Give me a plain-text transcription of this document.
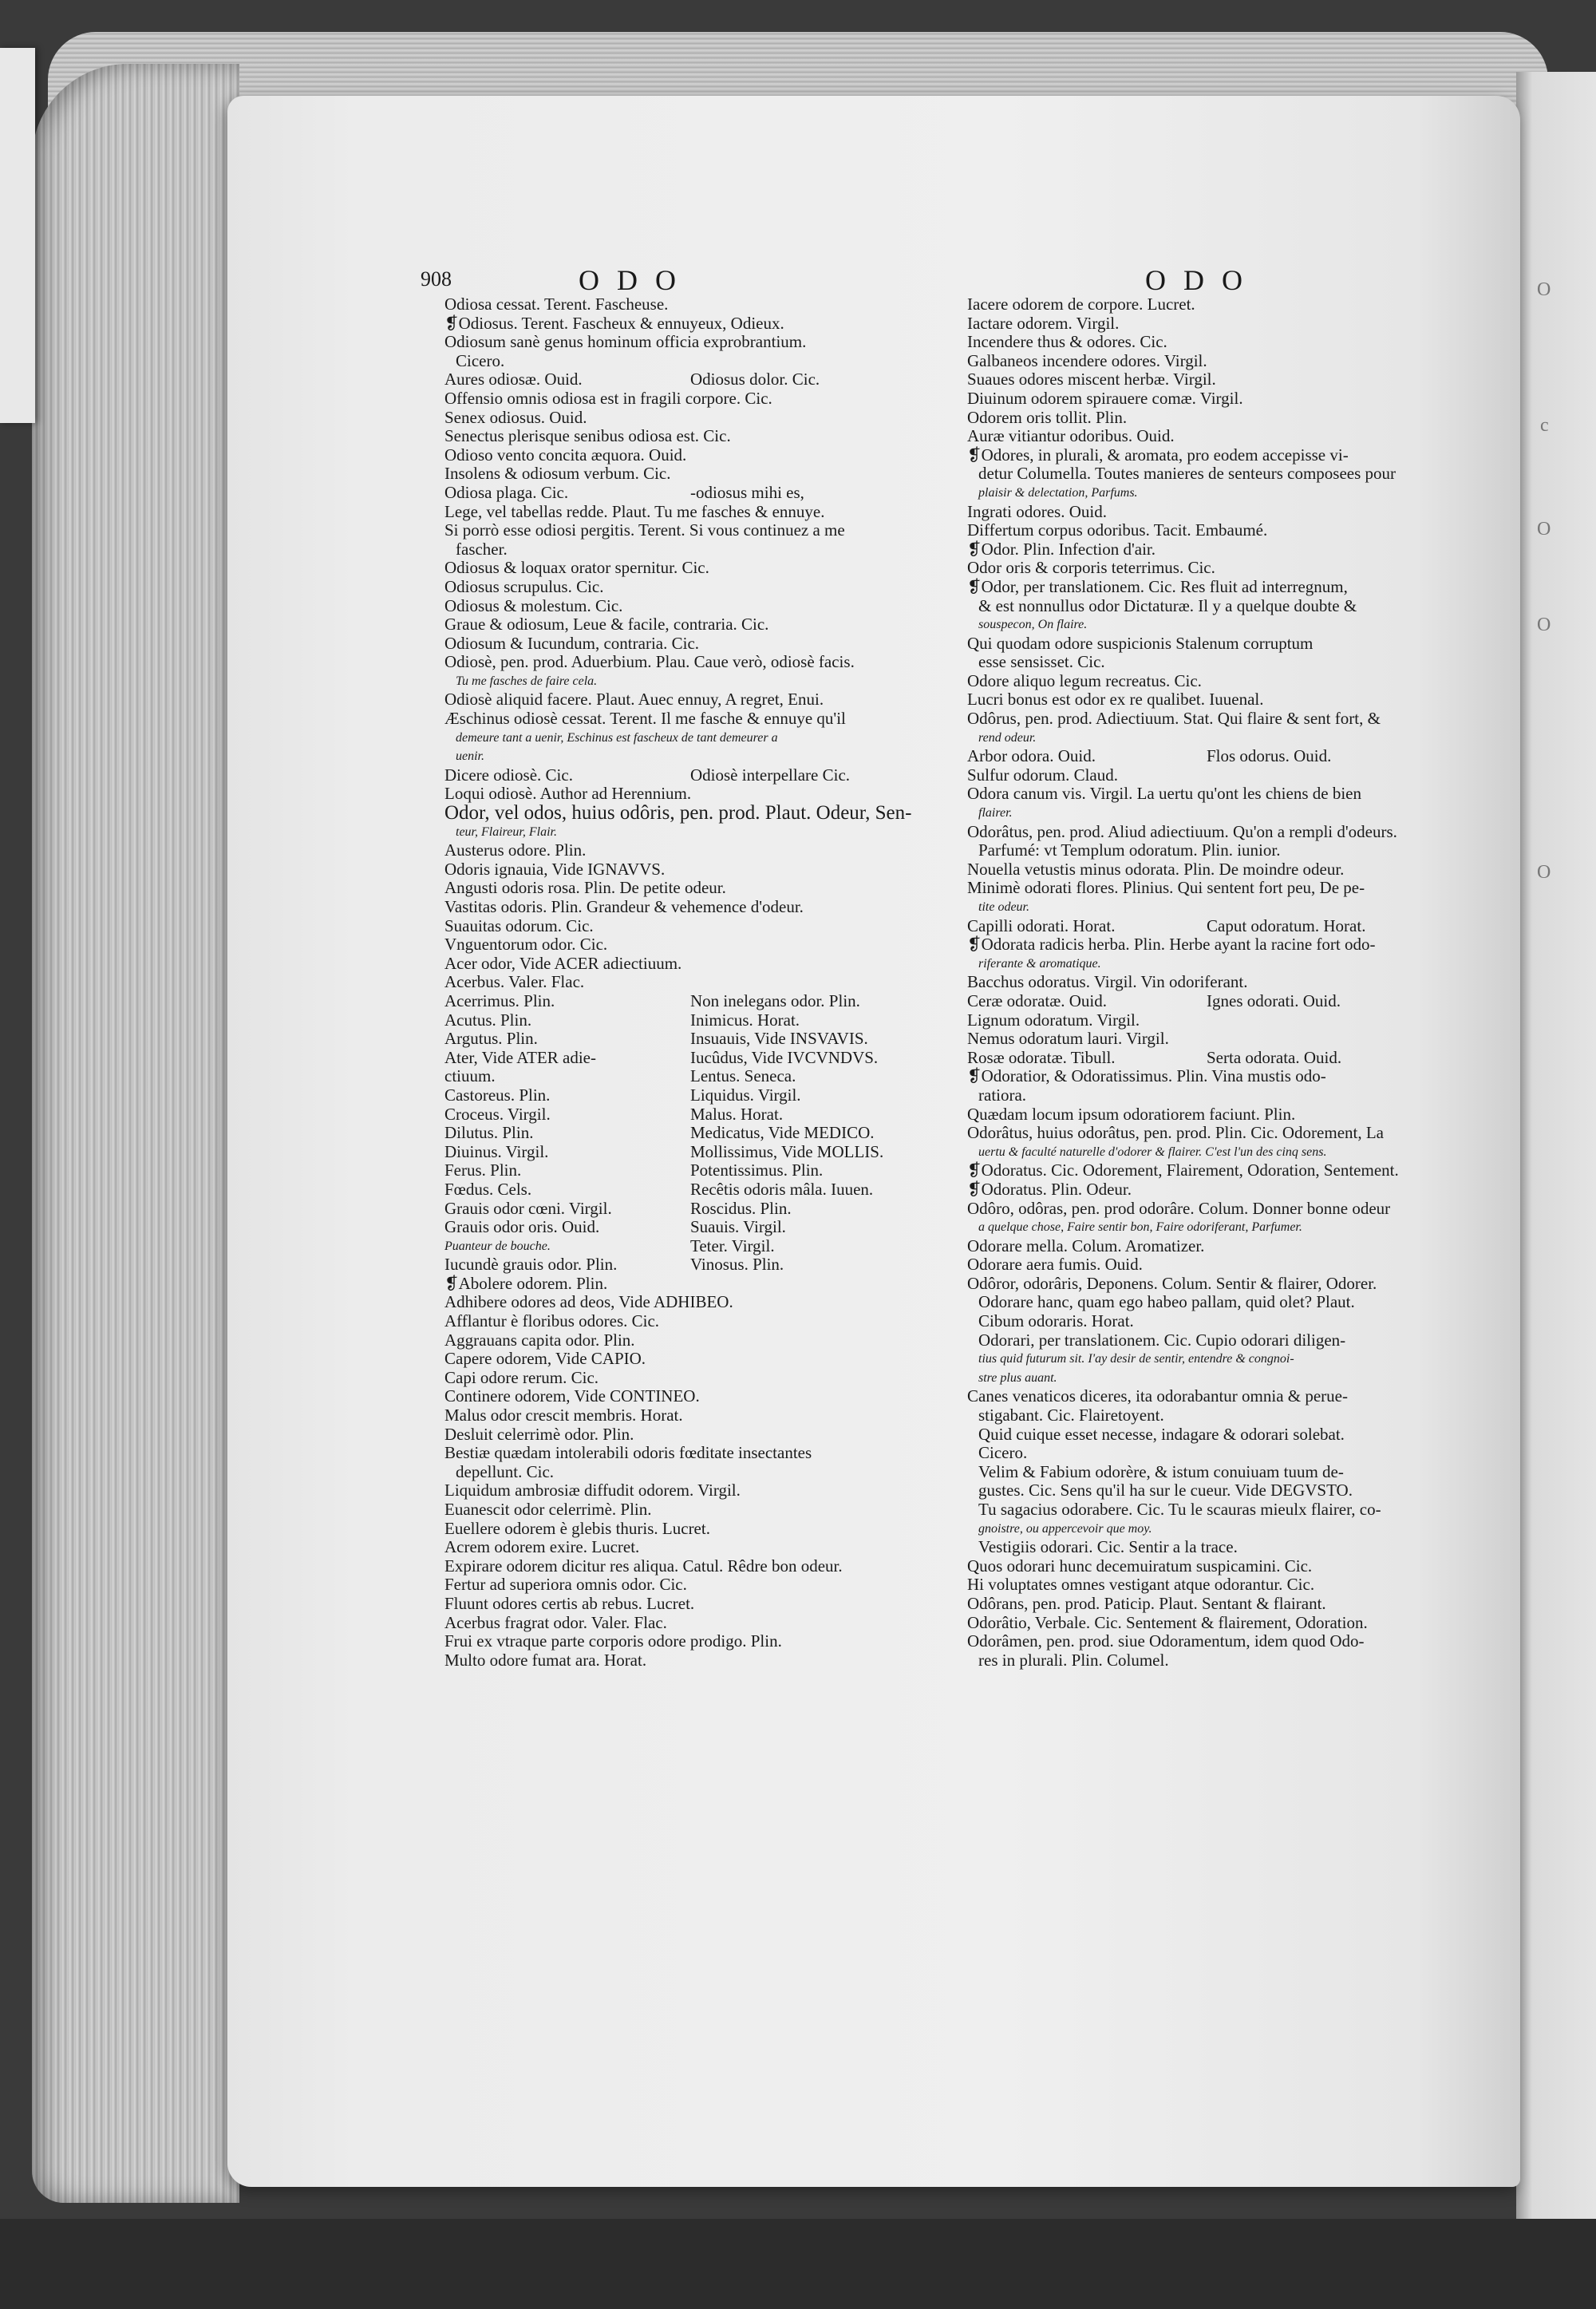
O
c
O
O
O
908	ODO	ODO
Odiosa cessat. Terent. Fascheuse.
❡Odiosus. Terent. Fascheux & ennuyeux, Odieux.
Odiosum sanè genus hominum officia exprobrantium.
Cicero.
Aures odiosæ. Ouid.	Odiosus dolor. Cic.
Offensio omnis odiosa est in fragili corpore. Cic.
Senex odiosus. Ouid.
Senectus plerisque senibus odiosa est. Cic.
Odioso vento concita æquora. Ouid.
Insolens & odiosum verbum. Cic.
Odiosa plaga. Cic.	-odiosus mihi es,
Lege, vel tabellas redde. Plaut. Tu me fasches & ennuye.
Si porrò esse odiosi pergitis. Terent. Si vous continuez a me
fascher.
Odiosus & loquax orator spernitur. Cic.
Odiosus scrupulus. Cic.
Odiosus & molestum. Cic.
Graue & odiosum, Leue & facile, contraria. Cic.
Odiosum & Iucundum, contraria. Cic.
Odiosè, pen. prod. Aduerbium. Plau. Caue verò, odiosè facis.
Tu me fasches de faire cela.
Odiosè aliquid facere. Plaut. Auec ennuy, A regret, Enui.
Æschinus odiosè cessat. Terent. Il me fasche & ennuye qu'il
demeure tant a uenir, Eschinus est fascheux de tant demeurer a
uenir.
Dicere odiosè. Cic.	Odiosè interpellare Cic.
Loqui odiosè. Author ad Herennium.
Odor, vel odos, huius odôris, pen. prod. Plaut. Odeur, Sen-
teur, Flaireur, Flair.
Austerus odore. Plin.
Odoris ignauia, Vide IGNAVVS.
Angusti odoris rosa. Plin. De petite odeur.
Vastitas odoris. Plin. Grandeur & vehemence d'odeur.
Suauitas odorum. Cic.
Vnguentorum odor. Cic.
Acer odor, Vide ACER adiectiuum.
Acerbus. Valer. Flac.
Acerrimus. Plin.	Non inelegans odor. Plin.
Acutus. Plin.	Inimicus. Horat.
Argutus. Plin.	Insuauis, Vide INSVAVIS.
Ater, Vide ATER adie-	Iucûdus, Vide IVCVNDVS.
ctiuum.	Lentus. Seneca.
Castoreus. Plin.	Liquidus. Virgil.
Croceus. Virgil.	Malus. Horat.
Dilutus. Plin.	Medicatus, Vide MEDICO.
Diuinus. Virgil.	Mollissimus, Vide MOLLIS.
Ferus. Plin.	Potentissimus. Plin.
Fœdus. Cels.	Recêtis odoris mâla. Iuuen.
Grauis odor cœni. Virgil.	Roscidus. Plin.
Grauis odor oris. Ouid.	Suauis. Virgil.
Puanteur de bouche.	Teter. Virgil.
Iucundè grauis odor. Plin.	Vinosus. Plin.
❡Abolere odorem. Plin.
Adhibere odores ad deos, Vide ADHIBEO.
Afflantur è floribus odores. Cic.
Aggrauans capita odor. Plin.
Capere odorem, Vide CAPIO.
Capi odore rerum. Cic.
Continere odorem, Vide CONTINEO.
Malus odor crescit membris. Horat.
Desluit celerrimè odor. Plin.
Bestiæ quædam intolerabili odoris fœditate insectantes
depellunt. Cic.
Liquidum ambrosiæ diffudit odorem. Virgil.
Euanescit odor celerrimè. Plin.
Euellere odorem è glebis thuris. Lucret.
Acrem odorem exire. Lucret.
Expirare odorem dicitur res aliqua. Catul. Rêdre bon odeur.
Fertur ad superiora omnis odor. Cic.
Fluunt odores certis ab rebus. Lucret.
Acerbus fragrat odor. Valer. Flac.
Frui ex vtraque parte corporis odore prodigo. Plin.
Multo odore fumat ara. Horat.
Iacere odorem de corpore. Lucret.
Iactare odorem. Virgil.
Incendere thus & odores. Cic.
Galbaneos incendere odores. Virgil.
Suaues odores miscent herbæ. Virgil.
Diuinum odorem spirauere comæ. Virgil.
Odorem oris tollit. Plin.
Auræ vitiantur odoribus. Ouid.
❡Odores, in plurali, & aromata, pro eodem accepisse vi-
detur Columella. Toutes manieres de senteurs composees pour
plaisir & delectation, Parfums.
Ingrati odores. Ouid.
Differtum corpus odoribus. Tacit. Embaumé.
❡Odor. Plin. Infection d'air.
Odor oris & corporis teterrimus. Cic.
❡Odor, per translationem. Cic. Res fluit ad interregnum,
& est nonnullus odor Dictaturæ. Il y a quelque doubte &
souspecon, On flaire.
Qui quodam odore suspicionis Stalenum corruptum
esse sensisset. Cic.
Odore aliquo legum recreatus. Cic.
Lucri bonus est odor ex re qualibet. Iuuenal.
Odôrus, pen. prod. Adiectiuum. Stat. Qui flaire & sent fort, &
rend odeur.
Arbor odora. Ouid.	Flos odorus. Ouid.
Sulfur odorum. Claud.
Odora canum vis. Virgil. La uertu qu'ont les chiens de bien
flairer.
Odorâtus, pen. prod. Aliud adiectiuum. Qu'on a rempli d'odeurs.
Parfumé: vt Templum odoratum. Plin. iunior.
Nouella vetustis minus odorata. Plin. De moindre odeur.
Minimè odorati flores. Plinius. Qui sentent fort peu, De pe-
tite odeur.
Capilli odorati. Horat.	Caput odoratum. Horat.
❡Odorata radicis herba. Plin. Herbe ayant la racine fort odo-
riferante & aromatique.
Bacchus odoratus. Virgil. Vin odoriferant.
Ceræ odoratæ. Ouid.	Ignes odorati. Ouid.
Lignum odoratum. Virgil.
Nemus odoratum lauri. Virgil.
Rosæ odoratæ. Tibull.	Serta odorata. Ouid.
❡Odoratior, & Odoratissimus. Plin. Vina mustis odo-
ratiora.
Quædam locum ipsum odoratiorem faciunt. Plin.
Odorâtus, huius odorâtus, pen. prod. Plin. Cic. Odorement, La
uertu & faculté naturelle d'odorer & flairer. C'est l'un des cinq sens.
❡Odoratus. Cic. Odorement, Flairement, Odoration, Sentement.
❡Odoratus. Plin. Odeur.
Odôro, odôras, pen. prod odorâre. Colum. Donner bonne odeur
a quelque chose, Faire sentir bon, Faire odoriferant, Parfumer.
Odorare mella. Colum. Aromatizer.
Odorare aera fumis. Ouid.
Odôror, odorâris, Deponens. Colum. Sentir & flairer, Odorer.
Odorare hanc, quam ego habeo pallam, quid olet? Plaut.
Cibum odoraris. Horat.
Odorari, per translationem. Cic. Cupio odorari diligen-
tius quid futurum sit. I'ay desir de sentir, entendre & congnoi-
stre plus auant.
Canes venaticos diceres, ita odorabantur omnia & perue-
stigabant. Cic. Flairetoyent.
Quid cuique esset necesse, indagare & odorari solebat.
Cicero.
Velim & Fabium odorère, & istum conuiuam tuum de-
gustes. Cic. Sens qu'il ha sur le cueur. Vide DEGVSTO.
Tu sagacius odorabere. Cic. Tu le scauras mieulx flairer, co-
gnoistre, ou appercevoir que moy.
Vestigiis odorari. Cic. Sentir a la trace.
Quos odorari hunc decemuiratum suspicamini. Cic.
Hi voluptates omnes vestigant atque odorantur. Cic.
Odôrans, pen. prod. Paticip. Plaut. Sentant & flairant.
Odorâtio, Verbale. Cic. Sentement & flairement, Odoration.
Odorâmen, pen. prod. siue Odoramentum, idem quod Odo-
res in plurali. Plin. Columel.
